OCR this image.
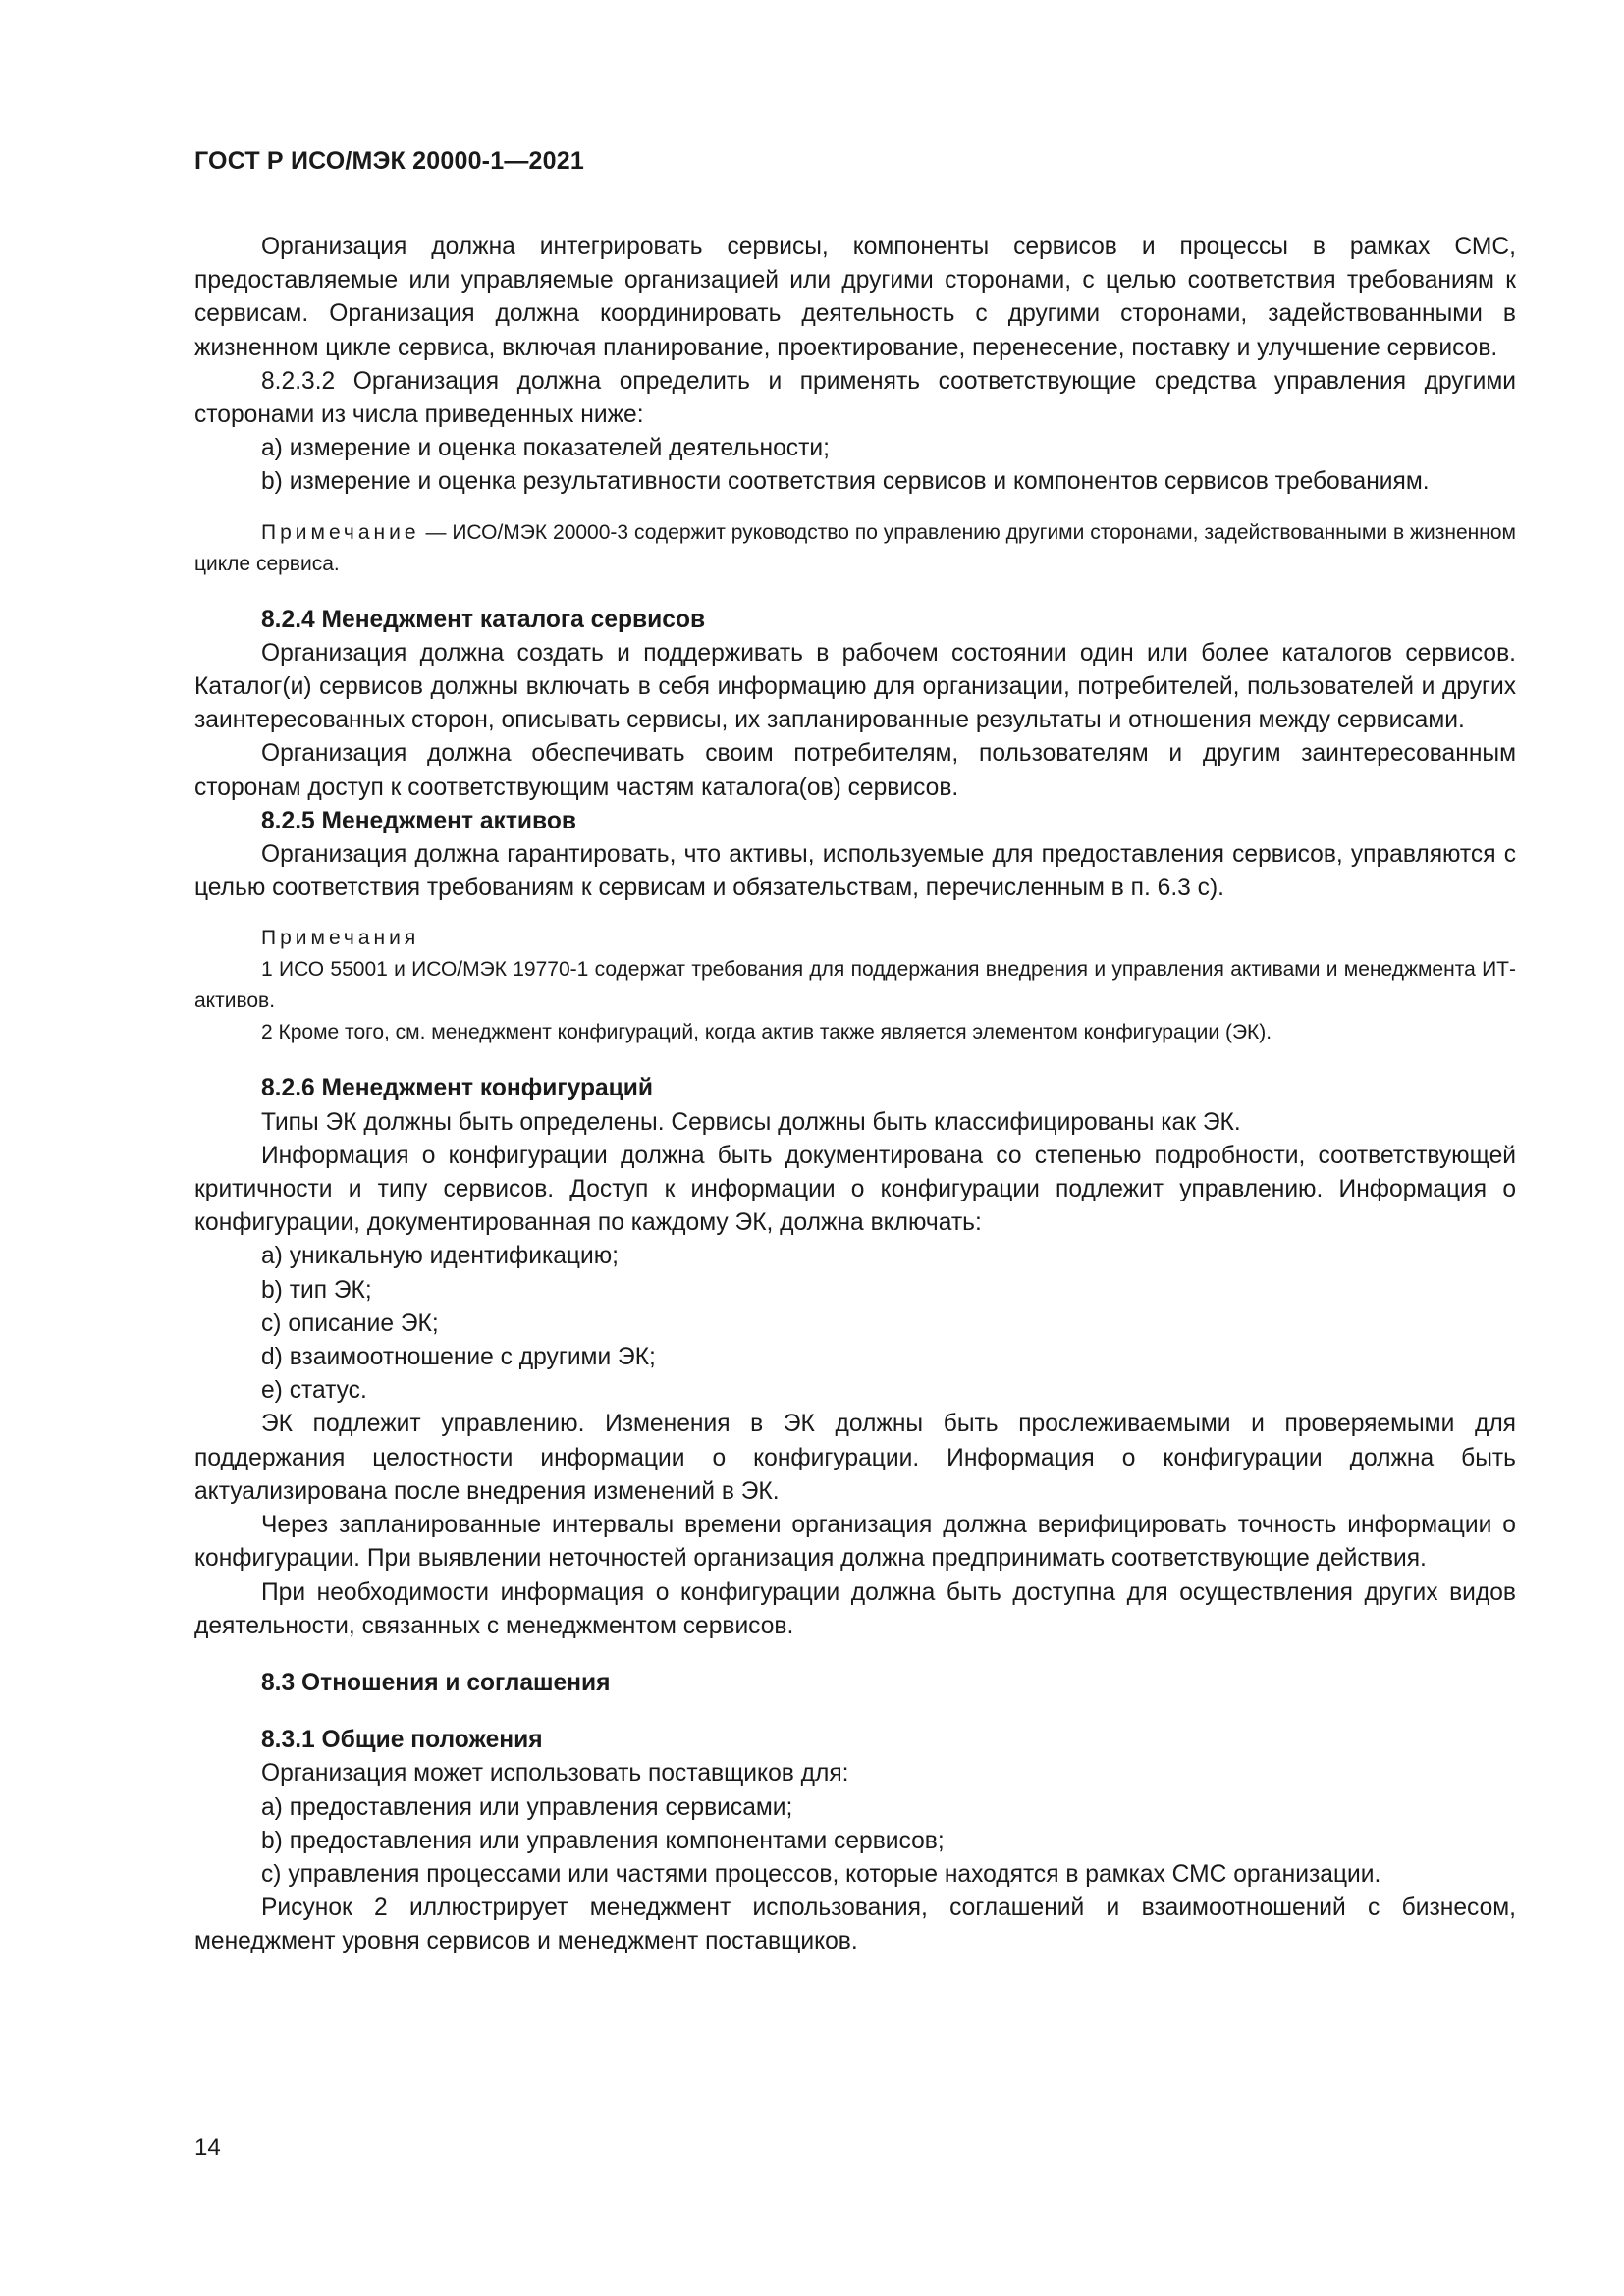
ГОСТ Р ИСО/МЭК 20000-1—2021

Организация должна интегрировать сервисы, компоненты сервисов и процессы в рамках СМС, предоставляемые или управляемые организацией или другими сторонами, с целью соответствия требованиям к сервисам. Организация должна координировать деятельность с другими сторонами, задействованными в жизненном цикле сервиса, включая планирование, проектирование, перенесение, поставку и улучшение сервисов.

8.2.3.2 Организация должна определить и применять соответствующие средства управления другими сторонами из числа приведенных ниже:

a) измерение и оценка показателей деятельности;

b) измерение и оценка результативности соответствия сервисов и компонентов сервисов требованиям.

Примечание — ИСО/МЭК 20000-3 содержит руководство по управлению другими сторонами, задействованными в жизненном цикле сервиса.

8.2.4 Менеджмент каталога сервисов

Организация должна создать и поддерживать в рабочем состоянии один или более каталогов сервисов. Каталог(и) сервисов должны включать в себя информацию для организации, потребителей, пользователей и других заинтересованных сторон, описывать сервисы, их запланированные результаты и отношения между сервисами.

Организация должна обеспечивать своим потребителям, пользователям и другим заинтересованным сторонам доступ к соответствующим частям каталога(ов) сервисов.

8.2.5 Менеджмент активов

Организация должна гарантировать, что активы, используемые для предоставления сервисов, управляются с целью соответствия требованиям к сервисам и обязательствам, перечисленным в п. 6.3 c).

Примечания

1 ИСО 55001 и ИСО/МЭК 19770-1 содержат требования для поддержания внедрения и управления активами и менеджмента ИТ-активов.

2 Кроме того, см. менеджмент конфигураций, когда актив также является элементом конфигурации (ЭК).

8.2.6 Менеджмент конфигураций

Типы ЭК должны быть определены. Сервисы должны быть классифицированы как ЭК.

Информация о конфигурации должна быть документирована со степенью подробности, соответствующей критичности и типу сервисов. Доступ к информации о конфигурации подлежит управлению. Информация о конфигурации, документированная по каждому ЭК, должна включать:

a) уникальную идентификацию;

b) тип ЭК;

c) описание ЭК;

d) взаимоотношение с другими ЭК;

e) статус.

ЭК подлежит управлению. Изменения в ЭК должны быть прослеживаемыми и проверяемыми для поддержания целостности информации о конфигурации. Информация о конфигурации должна быть актуализирована после внедрения изменений в ЭК.

Через запланированные интервалы времени организация должна верифицировать точность информации о конфигурации. При выявлении неточностей организация должна предпринимать соответствующие действия.

При необходимости информация о конфигурации должна быть доступна для осуществления других видов деятельности, связанных с менеджментом сервисов.

8.3 Отношения и соглашения

8.3.1 Общие положения

Организация может использовать поставщиков для:

a) предоставления или управления сервисами;

b) предоставления или управления компонентами сервисов;

c) управления процессами или частями процессов, которые находятся в рамках СМС организации.

Рисунок 2 иллюстрирует менеджмент использования, соглашений и взаимоотношений с бизнесом, менеджмент уровня сервисов и менеджмент поставщиков.

14
